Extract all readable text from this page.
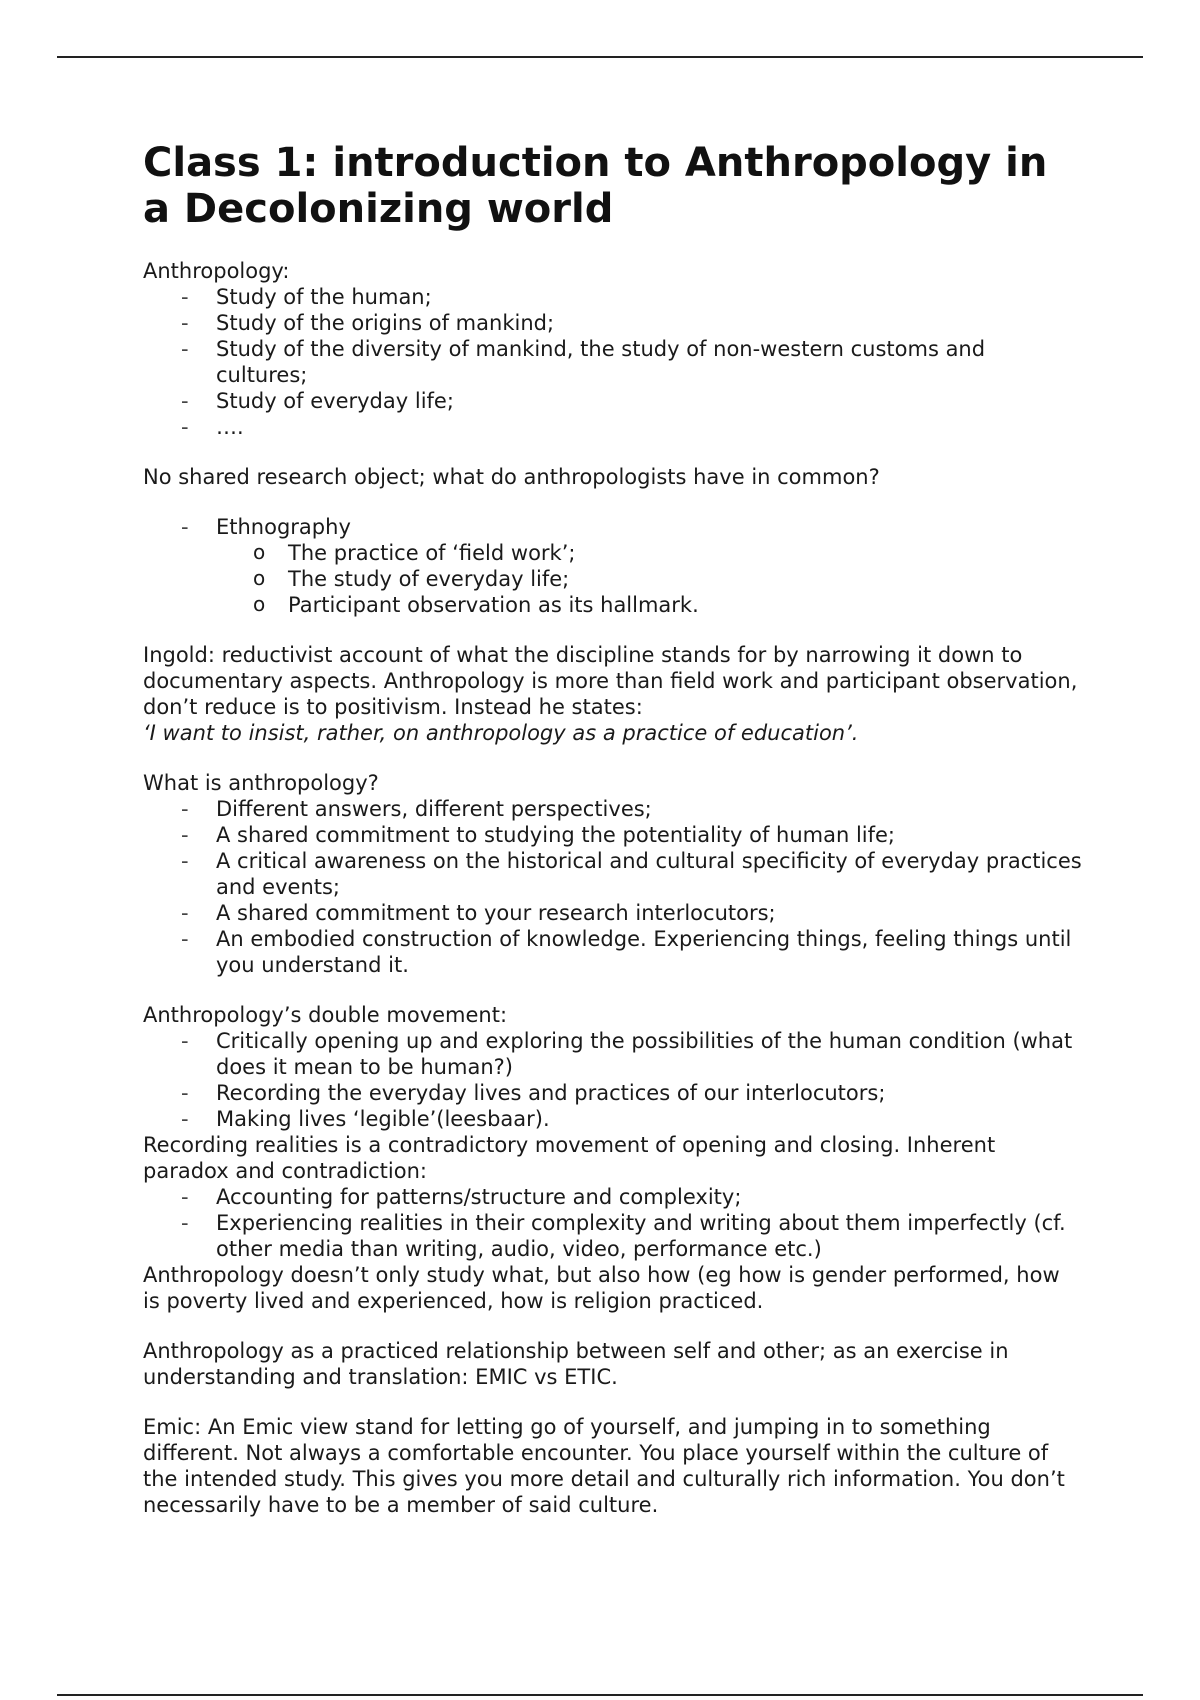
Class 1: introduction to Anthropology in a Decolonizing world

Anthropology:

- Study of the human;
- Study of the origins of mankind;
- Study of the diversity of mankind, the study of non-western customs and cultures;
- Study of everyday life;
- ….

No shared research object; what do anthropologists have in common?

- Ethnography
o The practice of ‘field work’;
o The study of everyday life;
o Participant observation as its hallmark.

Ingold: reductivist account of what the discipline stands for by narrowing it down to documentary aspects. Anthropology is more than field work and participant observation, don’t reduce is to positivism. Instead he states:

‘I want to insist, rather, on anthropology as a practice of education’.

What is anthropology?

- Different answers, different perspectives;
- A shared commitment to studying the potentiality of human life;
- A critical awareness on the historical and cultural specificity of everyday practices and events;
- A shared commitment to your research interlocutors;
- An embodied construction of knowledge. Experiencing things, feeling things until you understand it.

Anthropology’s double movement:

- Critically opening up and exploring the possibilities of the human condition (what does it mean to be human?)
- Recording the everyday lives and practices of our interlocutors;
- Making lives ‘legible’(leesbaar).

Recording realities is a contradictory movement of opening and closing. Inherent paradox and contradiction:

- Accounting for patterns/structure and complexity;
- Experiencing realities in their complexity and writing about them imperfectly (cf. other media than writing, audio, video, performance etc.)

Anthropology doesn’t only study what, but also how (eg how is gender performed, how is poverty lived and experienced, how is religion practiced.

Anthropology as a practiced relationship between self and other; as an exercise in understanding and translation: EMIC vs ETIC.

Emic: An Emic view stand for letting go of yourself, and jumping in to something different. Not always a comfortable encounter. You place yourself within the culture of the intended study. This gives you more detail and culturally rich information. You don’t necessarily have to be a member of said culture.
